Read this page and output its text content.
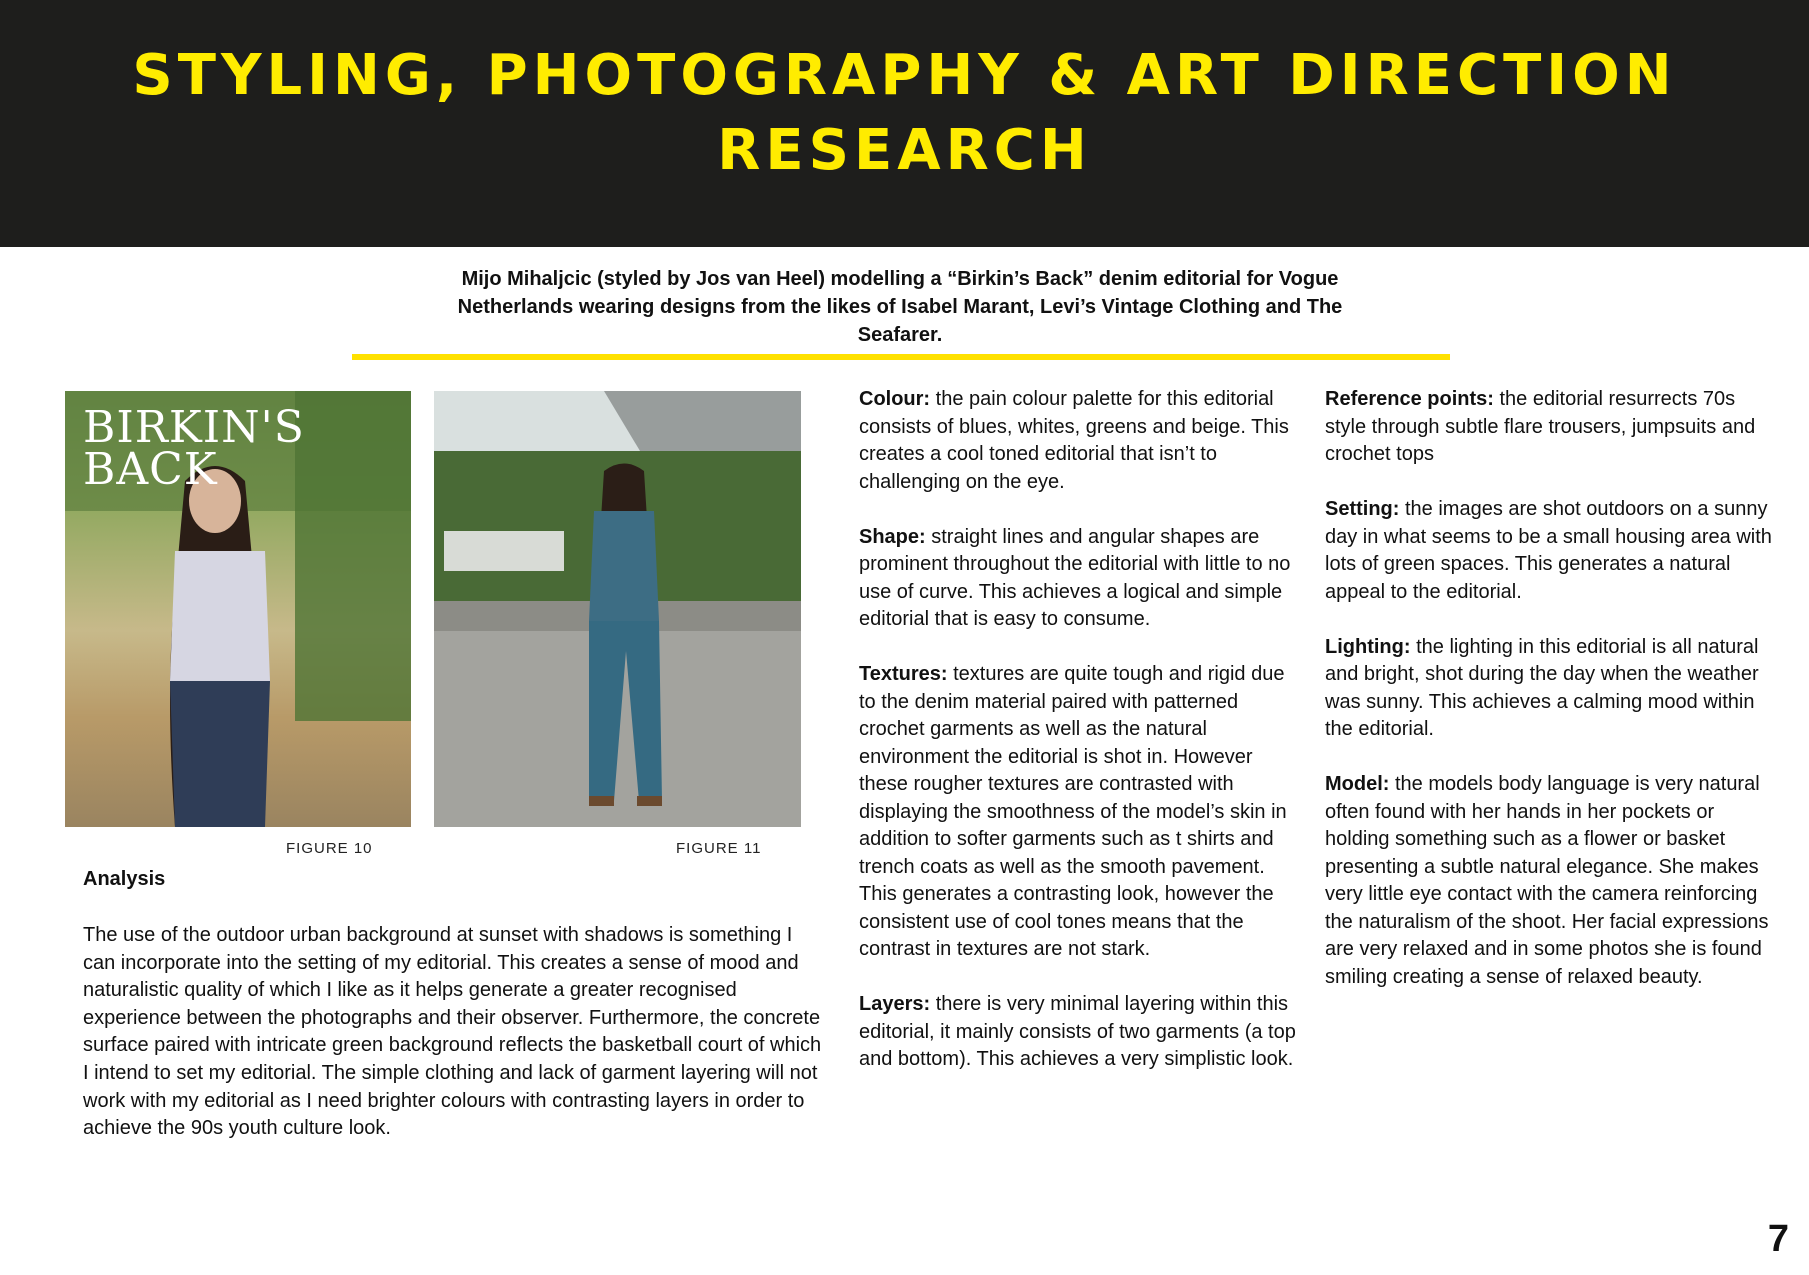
STYLING, PHOTOGRAPHY & ART DIRECTION
RESEARCH

Mijo Mihaljcic (styled by Jos van Heel) modelling a “Birkin’s Back” denim editorial for Vogue Netherlands wearing designs from the likes of Isabel Marant, Levi’s Vintage Clothing and The Seafarer.

BIRKIN'S
BACK
FIGURE 10	FIGURE 11
Analysis

The use of the outdoor urban background at sunset with shadows is something I can incorporate into the setting of my editorial. This creates a sense of mood and naturalistic quality of which I like as it helps generate a greater recognised experience between the photographs and their observer. Furthermore, the concrete surface paired with intricate green background reflects the basketball court of which I intend to set my editorial. The simple clothing and lack of garment layering will not work with my editorial as I need brighter colours with contrasting layers in order to achieve the 90s youth culture look.

Colour: the pain colour palette for this editorial consists of blues, whites, greens and beige. This creates a cool toned editorial that isn’t to challenging on the eye.

Shape: straight lines and angular shapes are prominent throughout the editorial with little to no use of curve. This achieves a logical and simple editorial that is easy to consume.

Textures: textures are quite tough and rigid due to the denim material paired with patterned crochet garments as well as the natural environment the editorial is shot in. However these rougher textures are contrasted with displaying the smoothness of the model’s skin in addition to softer garments such as t shirts and trench coats as well as the smooth pavement. This generates a contrasting look, however the consistent use of cool tones means that the contrast in textures are not stark.

Layers: there is very minimal layering within this editorial, it mainly consists of two garments (a top and bottom). This achieves a very simplistic look.

Reference points: the editorial resurrects 70s style through subtle flare trousers, jumpsuits and crochet tops

Setting: the images are shot outdoors on a sunny day in what seems to be a small housing area with lots of green spaces. This generates a natural appeal to the editorial.

Lighting: the lighting in this editorial is all natural and bright, shot during the day when the weather was sunny. This achieves a calming mood within the editorial.

Model: the models body language is very natural often found with her hands in her pockets or holding something such as a flower or basket presenting a subtle natural elegance. She makes very little eye contact with the camera reinforcing the naturalism of the shoot. Her facial expressions are very relaxed and in some photos she is found smiling creating a sense of relaxed beauty.

7
